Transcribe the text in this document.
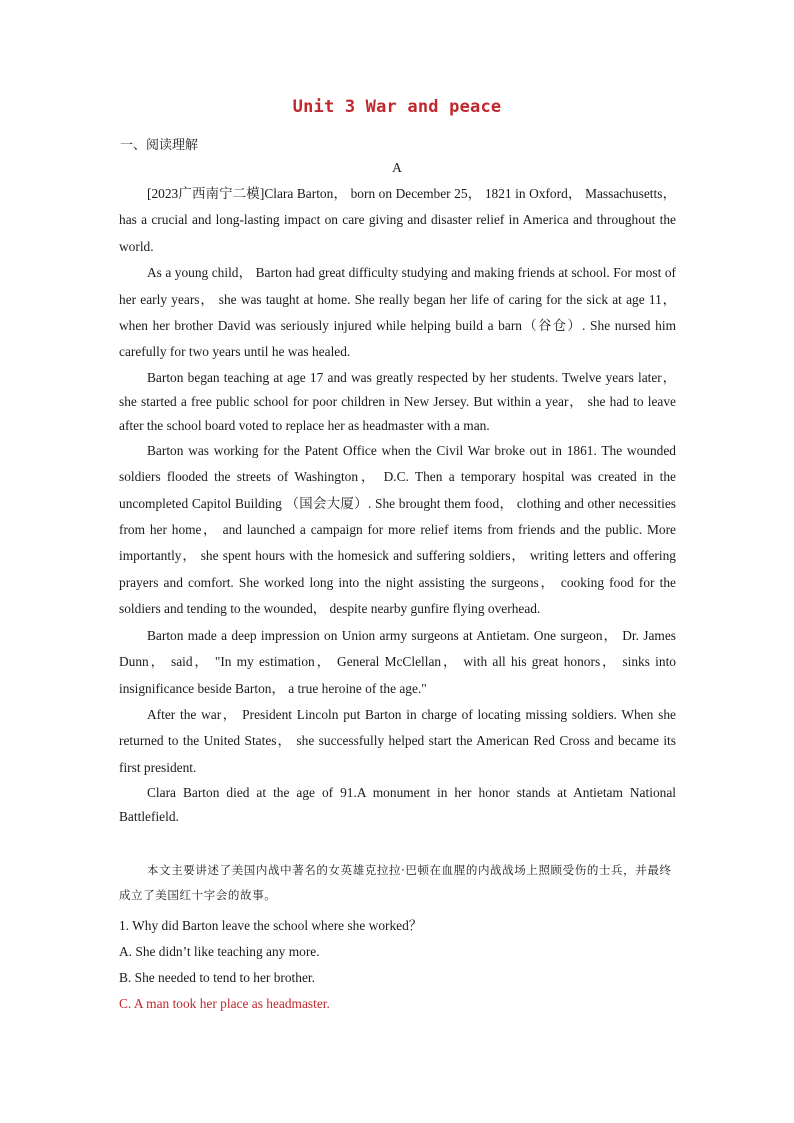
Unit 3 War and peace
一、阅读理解
A

[2023广西南宁二模]Clara Barton， born on December 25， 1821 in Oxford， Massachusetts， has a crucial and long-lasting impact on care giving and disaster relief in America and throughout the world.

As a young child， Barton had great difficulty studying and making friends at school. For most of her early years， she was taught at home. She really began her life of caring for the sick at age 11， when her brother David was seriously injured while helping build a barn（谷仓）. She nursed him carefully for two years until he was healed.

Barton began teaching at age 17 and was greatly respected by her students. Twelve years later， she started a free public school for poor children in New Jersey. But within a year， she had to leave after the school board voted to replace her as headmaster with a man.

Barton was working for the Patent Office when the Civil War broke out in 1861. The wounded soldiers flooded the streets of Washington， D.C. Then a temporary hospital was created in the uncompleted Capitol Building （国会大厦）. She brought them food， clothing and other necessities from her home， and launched a campaign for more relief items from friends and the public. More importantly， she spent hours with the homesick and suffering soldiers， writing letters and offering prayers and comfort. She worked long into the night assisting the surgeons， cooking food for the soldiers and tending to the wounded， despite nearby gunfire flying overhead.

Barton made a deep impression on Union army surgeons at Antietam. One surgeon， Dr. James Dunn， said， "In my estimation， General McClellan， with all his great honors， sinks into insignificance beside Barton， a true heroine of the age."

After the war， President Lincoln put Barton in charge of locating missing soldiers. When she returned to the United States， she successfully helped start the American Red Cross and became its first president.

Clara Barton died at the age of 91.A monument in her honor stands at Antietam National Battlefield.

本文主要讲述了美国内战中著名的女英雄克拉拉·巴顿在血腥的内战战场上照顾受伤的士兵，并最终成立了美国红十字会的故事。
1. Why did Barton leave the school where she worked？
A. She didn’t like teaching any more.
B. She needed to tend to her brother.
C. A man took her place as headmaster.
